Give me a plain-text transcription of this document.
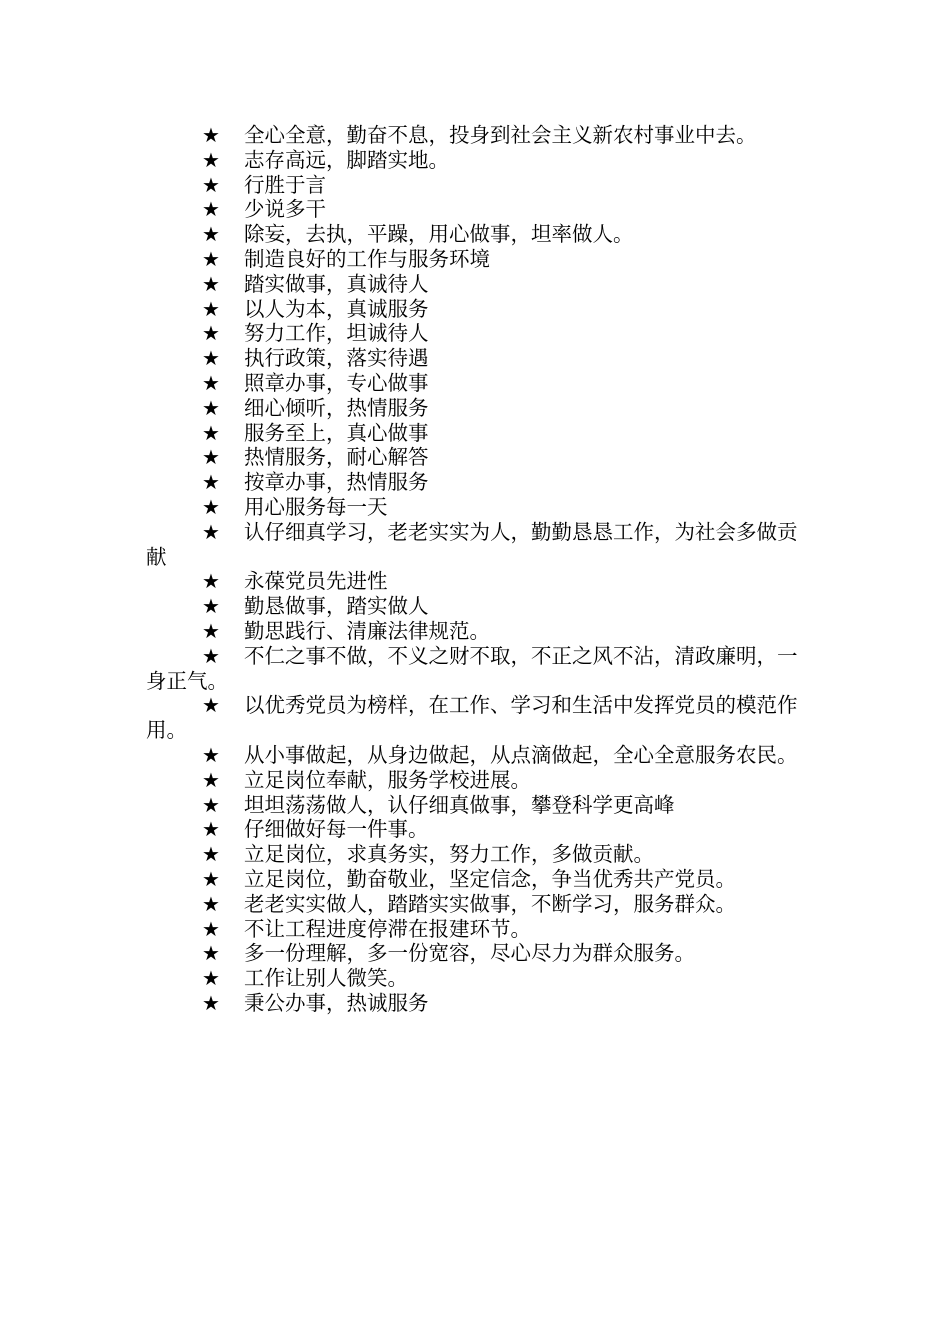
★ 全心全意，勤奋不息，投身到社会主义新农村事业中去。

★ 志存高远，脚踏实地。

★ 行胜于言

★ 少说多干

★ 除妄，去执，平躁，用心做事，坦率做人。

★ 制造良好的工作与服务环境

★ 踏实做事，真诚待人

★ 以人为本，真诚服务

★ 努力工作，坦诚待人

★ 执行政策，落实待遇

★ 照章办事，专心做事

★ 细心倾听，热情服务

★ 服务至上，真心做事

★ 热情服务，耐心解答

★ 按章办事，热情服务

★ 用心服务每一天

★ 认仔细真学习，老老实实为人，勤勤恳恳工作，为社会多做贡献

★ 永葆党员先进性

★ 勤恳做事，踏实做人

★ 勤思践行、清廉法律规范。

★ 不仁之事不做，不义之财不取，不正之风不沾，清政廉明，一身正气。

★ 以优秀党员为榜样，在工作、学习和生活中发挥党员的模范作用。

★ 从小事做起，从身边做起，从点滴做起，全心全意服务农民。

★ 立足岗位奉献，服务学校进展。

★ 坦坦荡荡做人，认仔细真做事，攀登科学更高峰

★ 仔细做好每一件事。

★ 立足岗位，求真务实，努力工作，多做贡献。

★ 立足岗位，勤奋敬业，坚定信念，争当优秀共产党员。

★ 老老实实做人，踏踏实实做事，不断学习，服务群众。

★ 不让工程进度停滞在报建环节。

★ 多一份理解，多一份宽容，尽心尽力为群众服务。

★ 工作让别人微笑。

★ 秉公办事，热诚服务
